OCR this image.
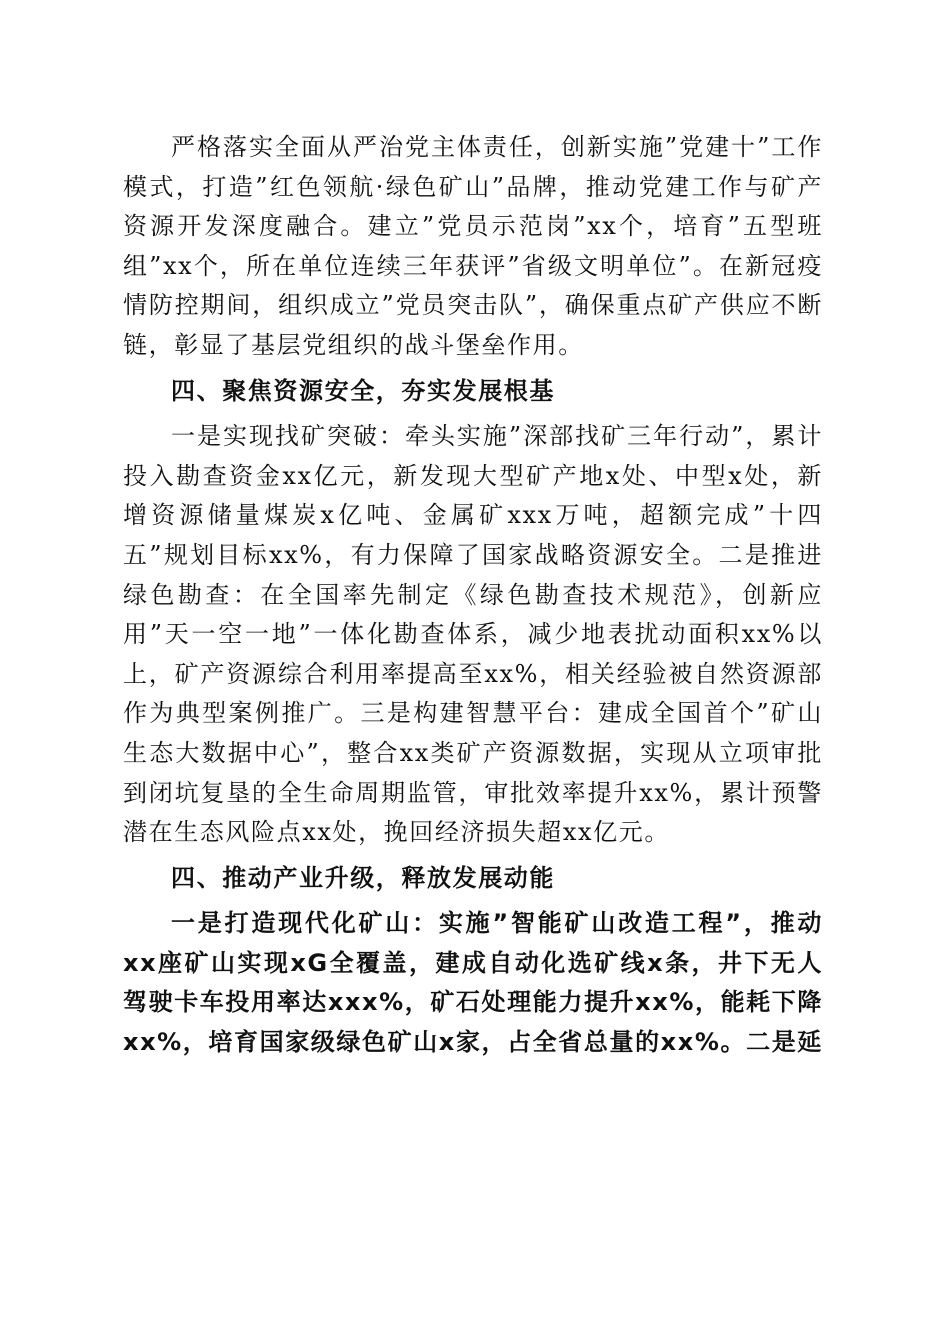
严格落实全面从严治党主体责任，创新实施”党建十”工作模式，打造”红色领航·绿色矿山”品牌，推动党建工作与矿产资源开发深度融合。建立”党员示范岗”xx个，培育”五型班组”xx个，所在单位连续三年获评”省级文明单位”。在新冠疫情防控期间，组织成立”党员突击队”，确保重点矿产供应不断链，彰显了基层党组织的战斗堡垒作用。

四、聚焦资源安全，夯实发展根基

一是实现找矿突破：牵头实施”深部找矿三年行动”，累计投入勘查资金xx亿元，新发现大型矿产地x处、中型x处，新增资源储量煤炭x亿吨、金属矿xxx万吨，超额完成”十四五”规划目标xx%，有力保障了国家战略资源安全。二是推进绿色勘查：在全国率先制定《绿色勘查技术规范》，创新应用”天一空一地”一体化勘查体系，减少地表扰动面积xx%以上，矿产资源综合利用率提高至xx%，相关经验被自然资源部作为典型案例推广。三是构建智慧平台：建成全国首个”矿山生态大数据中心”，整合xx类矿产资源数据，实现从立项审批到闭坑复垦的全生命周期监管，审批效率提升xx%，累计预警潜在生态风险点xx处，挽回经济损失超xx亿元。

四、推动产业升级，释放发展动能

一是打造现代化矿山：实施”智能矿山改造工程”，推动xx座矿山实现xG全覆盖，建成自动化选矿线x条，井下无人驾驶卡车投用率达xxx%，矿石处理能力提升xx%，能耗下降xx%，培育国家级绿色矿山x家，占全省总量的xx%。二是延
